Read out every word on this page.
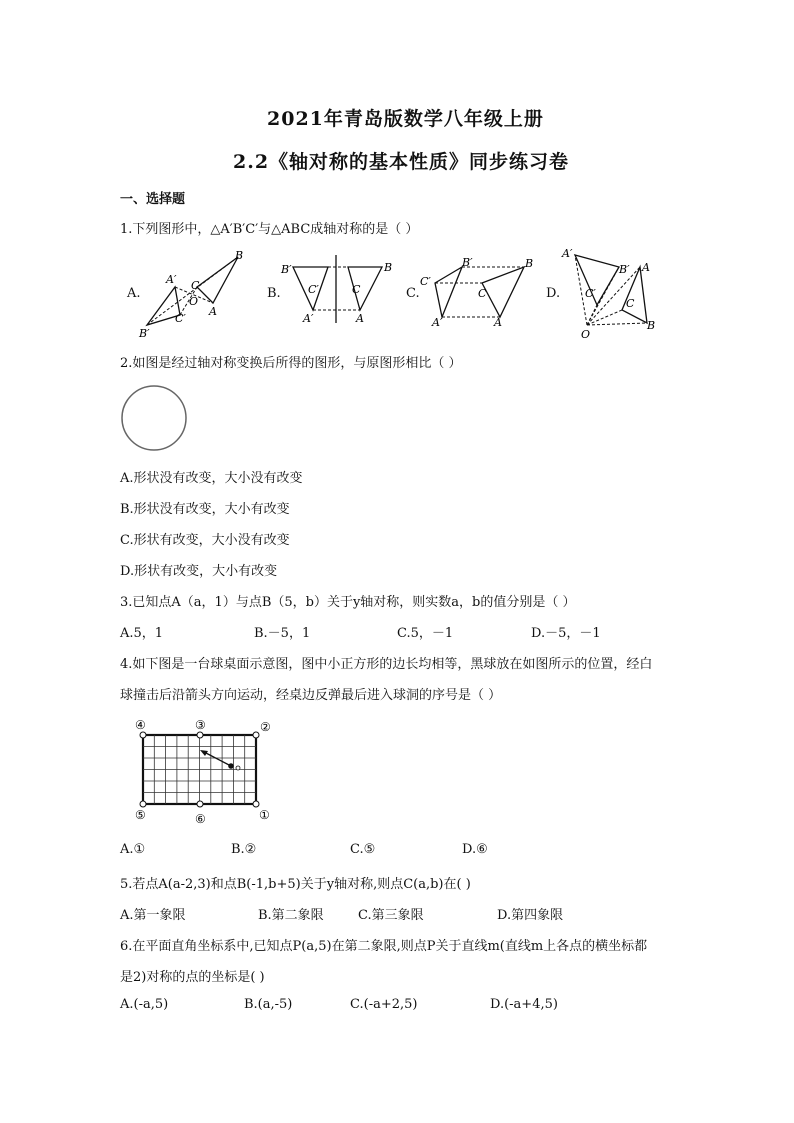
2021年青岛版数学八年级上册
2.2《轴对称的基本性质》同步练习卷
一、选择题
1.下列图形中，△A′B′C′与△ABC成轴对称的是（ ）
A.	B.	C.	D.
A′
B′
C′
C
B
A
O
B′
C′
A′
C
B
A
C′
B′
A′
C
B
A
A′
B′
C′
A
C
B
O
2.如图是经过轴对称变换后所得的图形，与原图形相比（ ）
A.形状没有改变，大小没有改变
B.形状没有改变，大小有改变
C.形状有改变，大小没有改变
D.形状有改变，大小有改变
3.已知点A（a，1）与点B（5，b）关于y轴对称，则实数a，b的值分别是（ ）
A.5，1	B.－5，1	C.5，－1	D.－5，－1
4.如下图是一台球桌面示意图，图中小正方形的边长均相等，黑球放在如图所示的位置，经白
球撞击后沿箭头方向运动，经桌边反弹最后进入球洞的序号是（ ）
④	③	②
⑤	⑥	①
A.①	B.②	C.⑤	D.⑥
5.若点A(a-2,3)和点B(-1,b+5)关于y轴对称,则点C(a,b)在( )
A.第一象限	B.第二象限	C.第三象限	D.第四象限
6.在平面直角坐标系中,已知点P(a,5)在第二象限,则点P关于直线m(直线m上各点的横坐标都
是2)对称的点的坐标是( )
A.(-a,5)	B.(a,-5)	C.(-a+2,5)	D.(-a+4,5)
